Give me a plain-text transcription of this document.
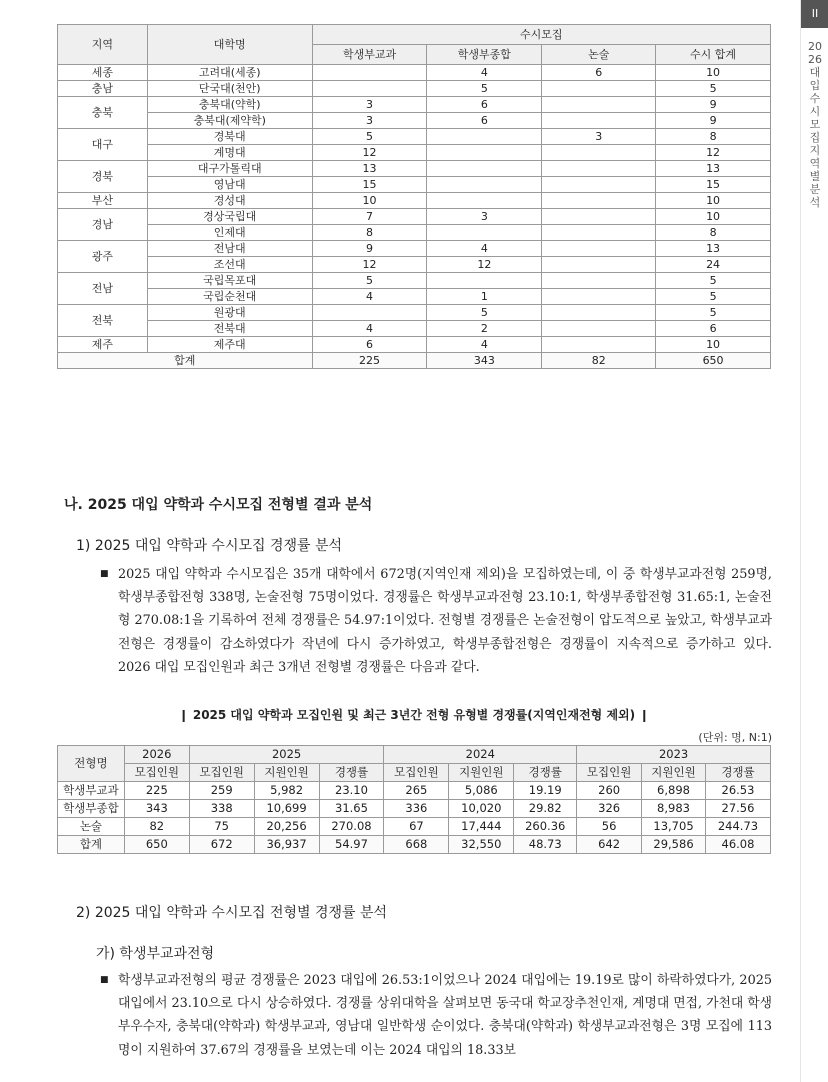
지역	대학명	수시모집			
		학생부교과	학생부종합	논술	수시 합계
세종	고려대(세종)		4	6	10
충남	단국대(천안)		5		5
충북	충북대(약학)	3	6		9
	충북대(제약학)	3	6		9
대구	경북대	5		3	8
	계명대	12			12
경북	대구가톨릭대	13			13
	영남대	15			15
부산	경성대	10			10
경남	경상국립대	7	3		10
	인제대	8			8
광주	전남대	9	4		13
	조선대	12	12		24
전남	국립목포대	5			5
	국립순천대	4	1		5
전북	원광대		5		5
	전북대	4	2		6
제주	제주대	6	4		10
합계		225	343	82	650
II
2026 대입 수시모집 지역별 분석
나. 2025 대입 약학과 수시모집 전형별 결과 분석
1) 2025 대입 약학과 수시모집 경쟁률 분석

■ 2025 대입 약학과 수시모집은 35개 대학에서 672명(지역인재 제외)을 모집하였는데, 이 중 학생부교과전형 259명, 학생부종합전형 338명, 논술전형 75명이었다. 경쟁률은 학생부교과전형 23.10:1, 학생부종합전형 31.65:1, 논술전형 270.08:1을 기록하여 전체 경쟁률은 54.97:1이었다. 전형별 경쟁률은 논술전형이 압도적으로 높았고, 학생부교과전형은 경쟁률이 감소하였다가 작년에 다시 증가하였고, 학생부종합전형은 경쟁률이 지속적으로 증가하고 있다. 2026 대입 모집인원과 최근 3개년 전형별 경쟁률은 다음과 같다.

❙ 2025 대입 약학과 모집인원 및 최근 3년간 전형 유형별 경쟁률(지역인재전형 제외) ❙
(단위: 명, N:1)
전형명	2026	2025			2024			2023		
	모집인원	모집인원	지원인원	경쟁률	모집인원	지원인원	경쟁률	모집인원	지원인원	경쟁률
학생부교과	225	259	5,982	23.10	265	5,086	19.19	260	6,898	26.53
학생부종합	343	338	10,699	31.65	336	10,020	29.82	326	8,983	27.56
논술	82	75	20,256	270.08	67	17,444	260.36	56	13,705	244.73
합계	650	672	36,937	54.97	668	32,550	48.73	642	29,586	46.08
2) 2025 대입 약학과 수시모집 전형별 경쟁률 분석
가) 학생부교과전형

■ 학생부교과전형의 평균 경쟁률은 2023 대입에 26.53:1이었으나 2024 대입에는 19.19로 많이 하락하였다가, 2025 대입에서 23.10으로 다시 상승하였다. 경쟁률 상위대학을 살펴보면 동국대 학교장추천인재, 계명대 면접, 가천대 학생부우수자, 충북대(약학과) 학생부교과, 영남대 일반학생 순이었다. 충북대(약학과) 학생부교과전형은 3명 모집에 113명이 지원하여 37.67의 경쟁률을 보였는데 이는 2024 대입의 18.33보
